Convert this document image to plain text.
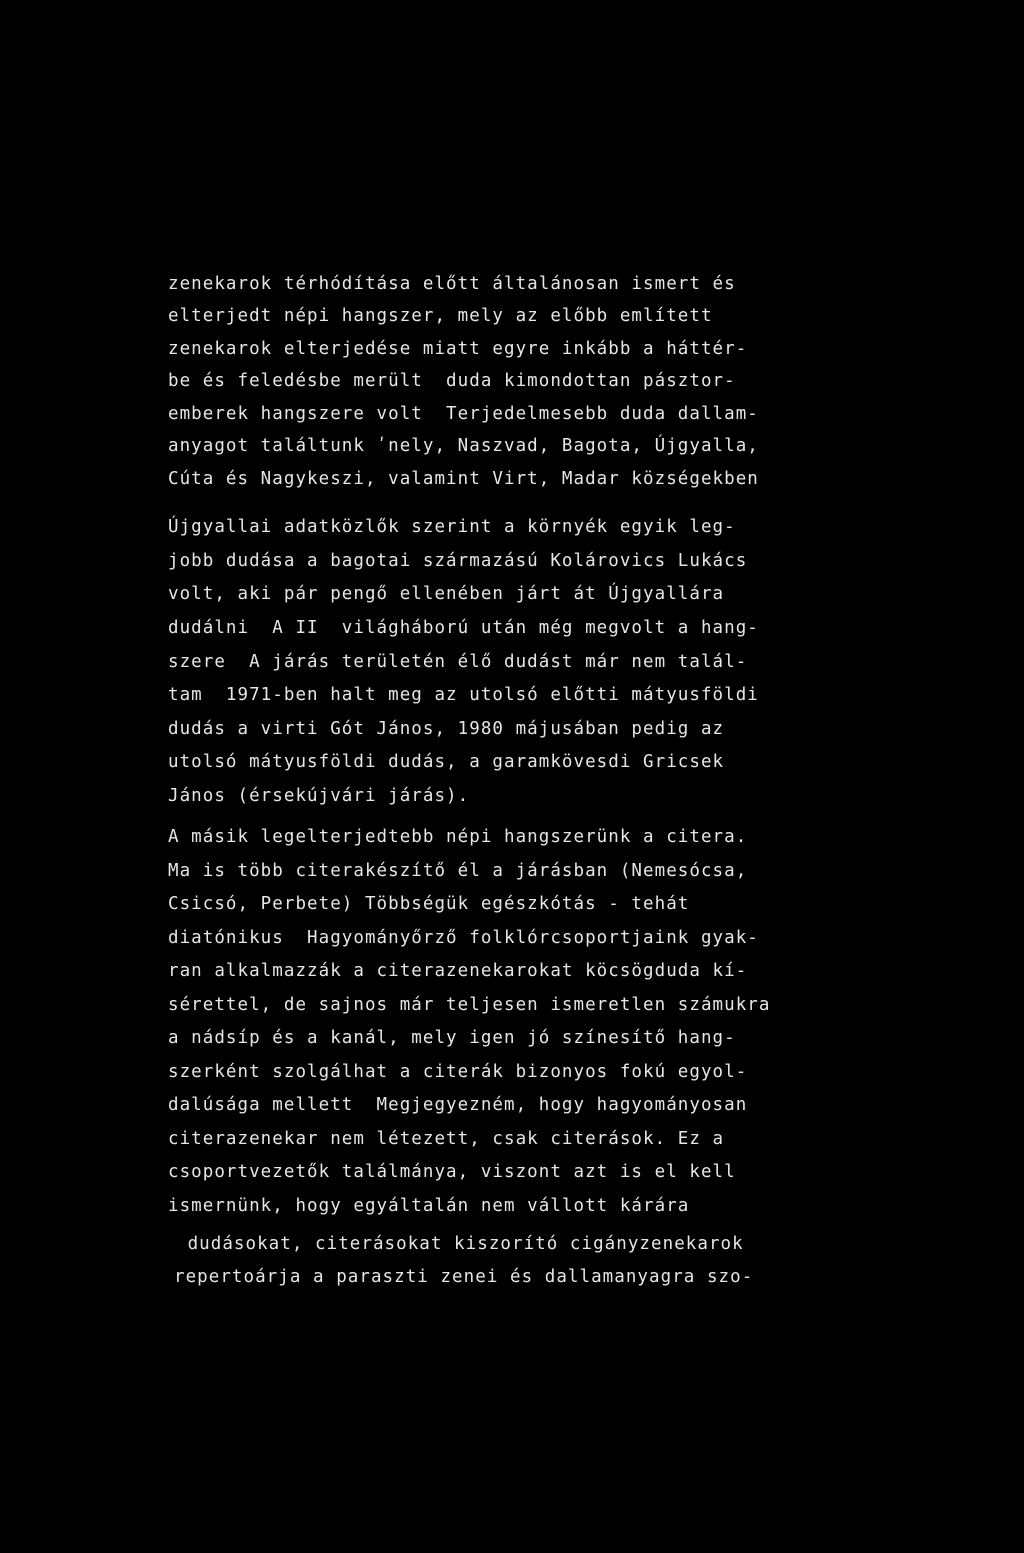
zenekarok térhódítása előtt általánosan ismert és
elterjedt népi hangszer, mely az előbb említett
zenekarok elterjedése miatt egyre inkább a háttér-
be és feledésbe merült  duda kimondottan pásztor-
emberek hangszere volt  Terjedelmesebb duda dallam-
anyagot találtunk ʹnely, Naszvad, Bagota, Újgyalla,
Cúta és Nagykeszi, valamint Virt, Madar községekben
Újgyallai adatközlők szerint a környék egyik leg-
jobb dudása a bagotai származású Kolárovics Lukács
volt, aki pár pengő ellenében járt át Újgyallára
dudálni  A II  világháború után még megvolt a hang-
szere  A járás területén élő dudást már nem talál-
tam  1971-ben halt meg az utolsó előtti mátyusföldi
dudás a virti Gót János, 1980 májusában pedig az
utolsó mátyusföldi dudás, a garamkövesdi Gricsek
János (érsekújvári járás).
A másik legelterjedtebb népi hangszerünk a citera.
Ma is több citerakészítő él a járásban (Nemesócsa,
Csicsó, Perbete) Többségük egészkótás - tehát
diatónikus  Hagyományőrző folklórcsoportjaink gyak-
ran alkalmazzák a citerazenekarokat köcsögduda kí-
sérettel, de sajnos már teljesen ismeretlen számukra
a nádsíp és a kanál, mely igen jó színesítő hang-
szerként szolgálhat a citerák bizonyos fokú egyol-
dalúsága mellett  Megjegyezném, hogy hagyományosan
citerazenekar nem létezett, csak citerások. Ez a
csoportvezetők találmánya, viszont azt is el kell
ismernünk, hogy egyáltalán nem vállott kárára
dudásokat, citerásokat kiszorító cigányzenekarok
repertoárja a paraszti zenei és dallamanyagra szo-
